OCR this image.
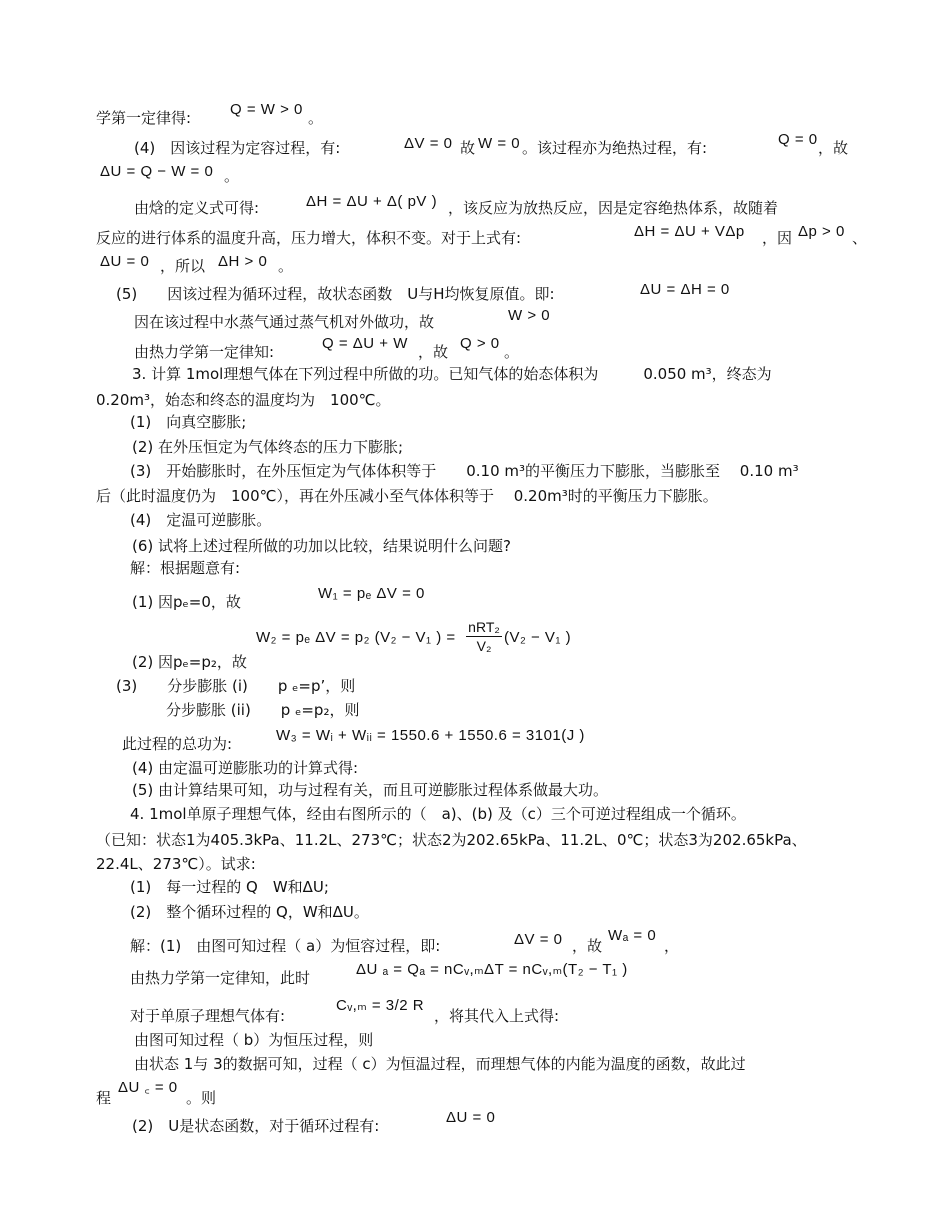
学第一定律得:	Q = W > 0 。
(4)　因该过程为定容过程，有:	ΔV = 0 故 W = 0 。该过程亦为绝热过程，有:	Q = 0 ，故
ΔU = Q − W = 0 。
由焓的定义式可得:	ΔH = ΔU + Δ( pV ) ，该反应为放热反应，因是定容绝热体系，故随着
反应的进行体系的温度升高，压力增大，体积不变。对于上式有:	ΔH = ΔU + VΔp ，因 Δp > 0 、
ΔU = 0 ，所以 ΔH > 0 。
(5)　　因该过程为循环过程，故状态函数　U与H均恢复原值。即:	ΔU = ΔH = 0
因在该过程中水蒸气通过蒸气机对外做功，故	W > 0
由热力学第一定律知:	Q = ΔU + W ，故 Q > 0 。
3. 计算 1mol理想气体在下列过程中所做的功。已知气体的始态体积为　　　0.050 m³，终态为
0.20m³，始态和终态的温度均为　100℃。
(1)　向真空膨胀;
(2) 在外压恒定为气体终态的压力下膨胀;
(3)　开始膨胀时，在外压恒定为气体体积等于　　0.10 m³的平衡压力下膨胀，当膨胀至　 0.10 m³
后（此时温度仍为　100℃），再在外压减小至气体体积等于　 0.20m³时的平衡压力下膨胀。
(4)　定温可逆膨胀。
(6) 试将上述过程所做的功加以比较，结果说明什么问题?
解：根据题意有:
(1) 因pₑ=0，故	W₁ = pₑ ΔV = 0
W₂ = pₑ ΔV = p₂ (V₂ − V₁ ) =
nRT₂
V₂ (V₂ − V₁ )
(2) 因pₑ=p₂，故
(3)　　分步膨胀 (i)　　p ₑ=p’，则
分步膨胀 (ii)　　p ₑ=p₂，则
此过程的总功为:	W₃ = Wᵢ + Wᵢᵢ = 1550.6 + 1550.6 = 3101(J )
(4) 由定温可逆膨胀功的计算式得:
(5) 由计算结果可知，功与过程有关，而且可逆膨胀过程体系做最大功。
4. 1mol单原子理想气体，经由右图所示的（　a)、(b) 及（c）三个可逆过程组成一个循环。
（已知：状态1为405.3kPa、11.2L、273℃；状态2为202.65kPa、11.2L、0℃；状态3为202.65kPa、
22.4L、273℃）。试求:
(1)　每一过程的 Q　W和ΔU;
(2)　整个循环过程的 Q，W和ΔU。
解：(1)　由图可知过程（ a）为恒容过程，即:	ΔV = 0 ，故
Wₐ = 0
，
由热力学第一定律知，此时	ΔU ₐ = Qₐ = nCᵥ,ₘΔT = nCᵥ,ₘ(T₂ − T₁ )
对于单原子理想气体有:
Cᵥ,ₘ = 3/2 R
，将其代入上式得:
由图可知过程（ b）为恒压过程，则
由状态 1与 3的数据可知，过程（ c）为恒温过程，而理想气体的内能为温度的函数，故此过
程
ΔU ꜀ = 0
。则
(2)　U是状态函数，对于循环过程有:	ΔU = 0
